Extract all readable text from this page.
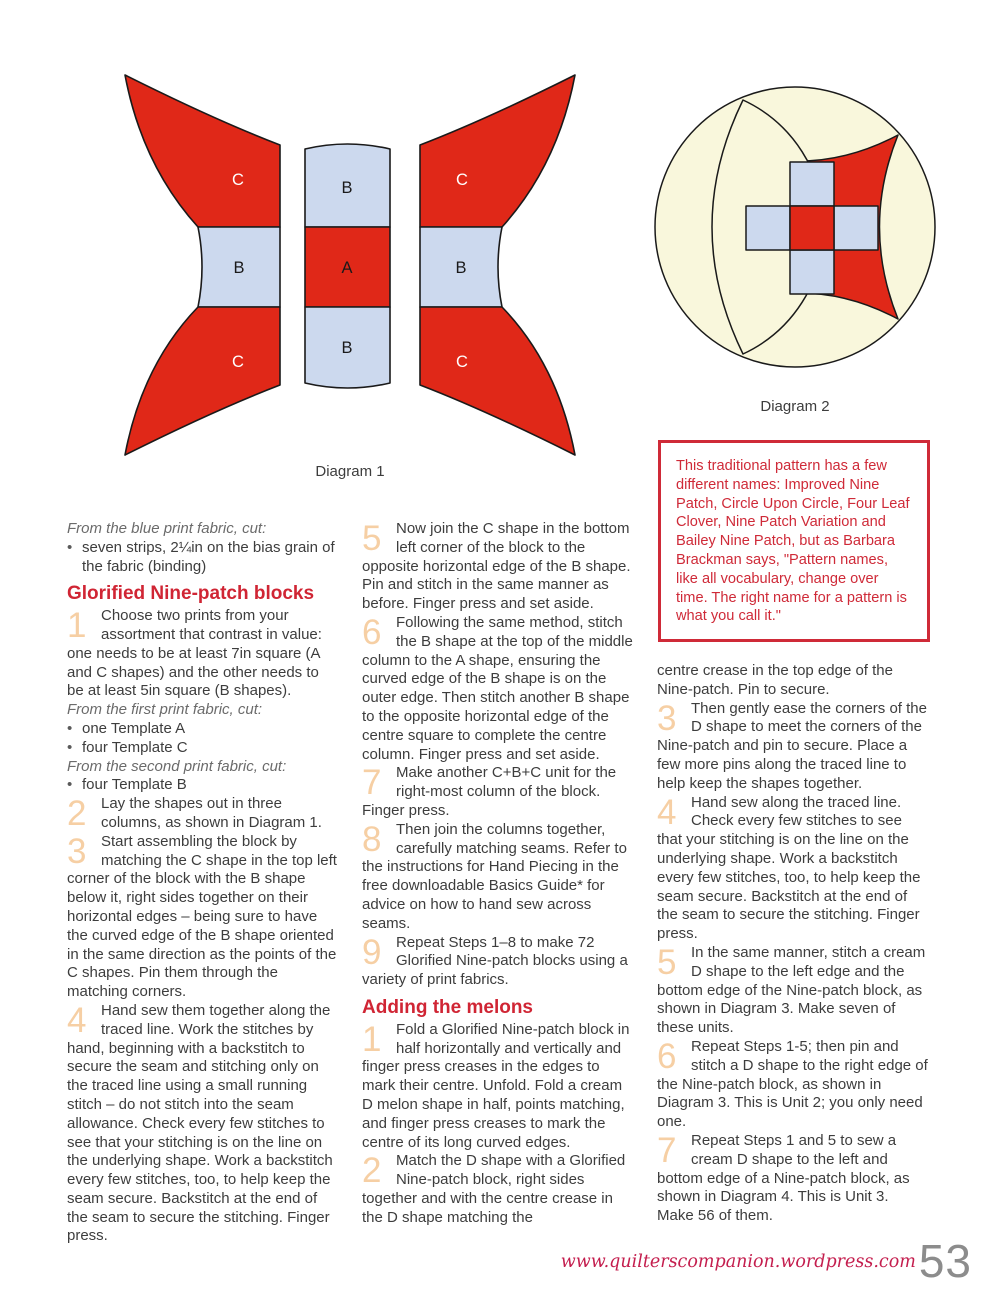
C
B
C
B
A
B
C
B
C
Diagram 1
Diagram 2
This traditional pattern has a few different names: Improved Nine Patch, Circle Upon Circle, Four Leaf Clover, Nine Patch Variation and Bailey Nine Patch, but as Barbara Brackman says, "Pattern names, like all vocabulary, change over time. The right name for a pattern is what you call it."

From the blue print fabric, cut:

• seven strips, 2¼in on the bias grain of the fabric (binding)

Glorified Nine-patch blocks

1 Choose two prints from your assortment that contrast in value: one needs to be at least 7in square (A and C shapes) and the other needs to be at least 5in square (B shapes).

From the first print fabric, cut:

• one Template A

• four Template C

From the second print fabric, cut:

• four Template B

2 Lay the shapes out in three columns, as shown in Diagram 1.

3 Start assembling the block by matching the C shape in the top left corner of the block with the B shape below it, right sides together on their horizontal edges – being sure to have the curved edge of the B shape oriented in the same direction as the points of the C shapes. Pin them through the matching corners.

4 Hand sew them together along the traced line. Work the stitches by hand, beginning with a backstitch to secure the seam and stitching only on the traced line using a small running stitch – do not stitch into the seam allowance. Check every few stitches to see that your stitching is on the line on the underlying shape. Work a backstitch every few stitches, too, to help keep the seam secure. Backstitch at the end of the seam to secure the stitching. Finger press.

5 Now join the C shape in the bottom left corner of the block to the opposite horizontal edge of the B shape. Pin and stitch in the same manner as before. Finger press and set aside.

6 Following the same method, stitch the B shape at the top of the middle column to the A shape, ensuring the curved edge of the B shape is on the outer edge. Then stitch another B shape to the opposite horizontal edge of the centre square to complete the centre column. Finger press and set aside.

7 Make another C+B+C unit for the right-most column of the block. Finger press.

8 Then join the columns together, carefully matching seams. Refer to the instructions for Hand Piecing in the free downloadable Basics Guide* for advice on how to hand sew across seams.

9 Repeat Steps 1–8 to make 72 Glorified Nine-patch blocks using a variety of print fabrics.

Adding the melons

1 Fold a Glorified Nine-patch block in half horizontally and vertically and finger press creases in the edges to mark their centre. Unfold. Fold a cream D melon shape in half, points matching, and finger press creases to mark the centre of its long curved edges.

2 Match the D shape with a Glorified Nine-patch block, right sides together and with the centre crease in the D shape matching the

centre crease in the top edge of the Nine-patch. Pin to secure.

3 Then gently ease the corners of the D shape to meet the corners of the Nine-patch and pin to secure. Place a few more pins along the traced line to help keep the shapes together.

4 Hand sew along the traced line. Check every few stitches to see that your stitching is on the line on the underlying shape. Work a backstitch every few stitches, too, to help keep the seam secure. Backstitch at the end of the seam to secure the stitching. Finger press.

5 In the same manner, stitch a cream D shape to the left edge and the bottom edge of the Nine-patch block, as shown in Diagram 3. Make seven of these units.

6 Repeat Steps 1-5; then pin and stitch a D shape to the right edge of the Nine-patch block, as shown in Diagram 3. This is Unit 2; you only need one.

7 Repeat Steps 1 and 5 to sew a cream D shape to the left and bottom edge of a Nine-patch block, as shown in Diagram 4. This is Unit 3. Make 56 of them.

www.quilterscompanion.wordpress.com 53
